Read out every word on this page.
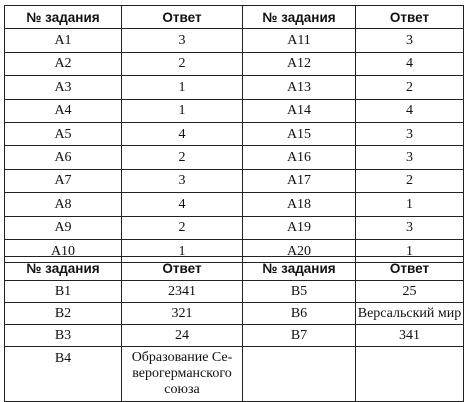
№ задания	Ответ	№ задания	Ответ
A1	3	A11	3
A2	2	A12	4
A3	1	A13	2
A4	1	A14	4
A5	4	A15	3
A6	2	A16	3
A7	3	A17	2
A8	4	A18	1
A9	2	A19	3
A10	1	A20	1
№ задания	Ответ	№ задания	Ответ
B1	2341	B5	25
B2	321	B6	Версальский мир
B3	24	B7	341
B4	Образование Се-
верогерманского
союза		
